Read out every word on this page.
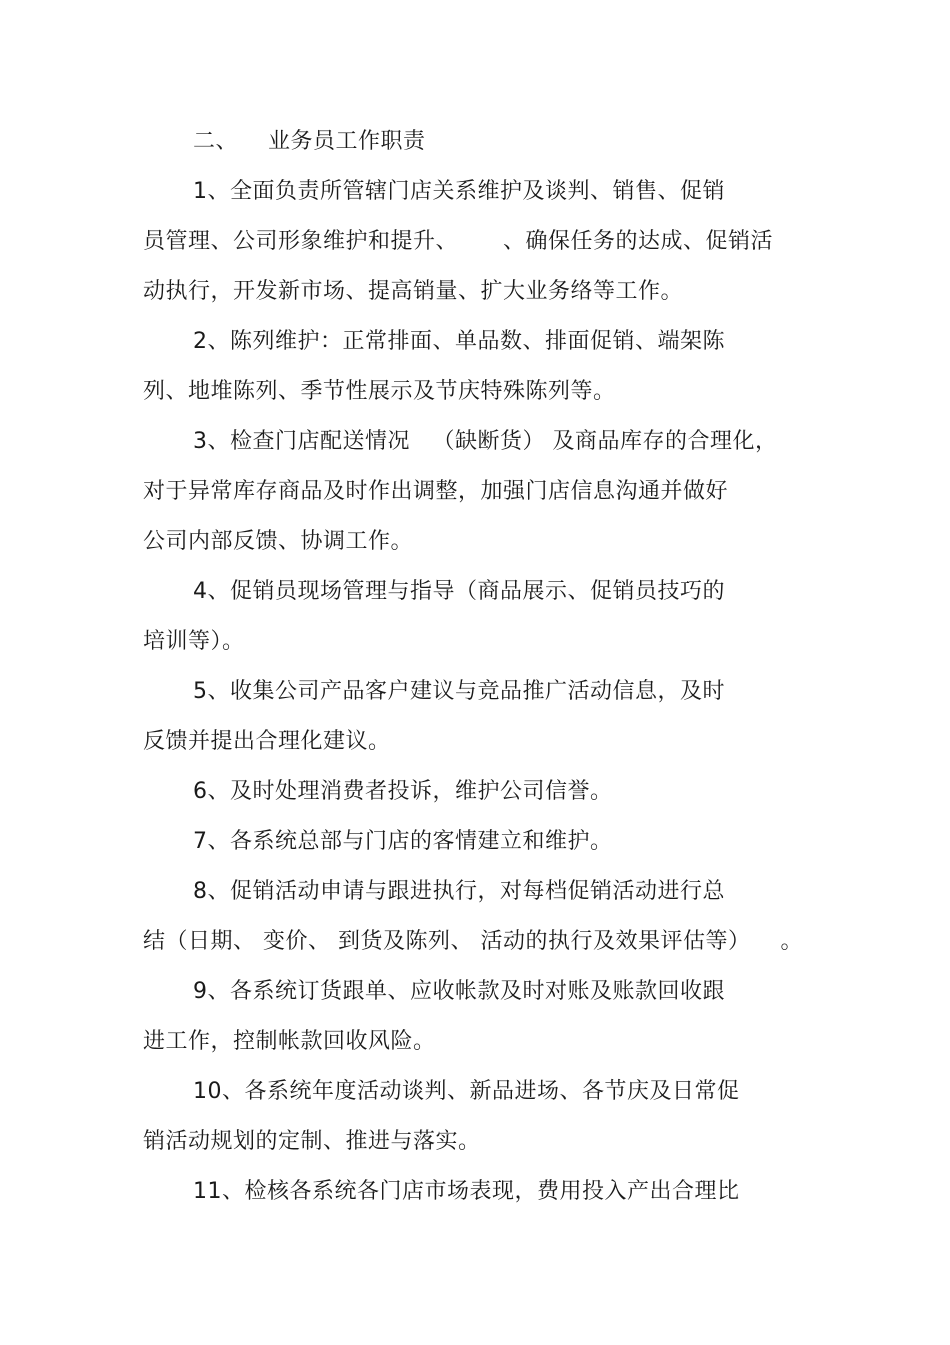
二、    业务员工作职责
1、全面负责所管辖门店关系维护及谈判、销售、促销
员管理、公司形象维护和提升、      、确保任务的达成、促销活
动执行，开发新市场、提高销量、扩大业务络等工作。
2、陈列维护：正常排面、单品数、排面促销、端架陈
列、地堆陈列、季节性展示及节庆特殊陈列等。
3、检查门店配送情况   （缺断货） 及商品库存的合理化，
对于异常库存商品及时作出调整，加强门店信息沟通并做好
公司内部反馈、协调工作。
4、促销员现场管理与指导（商品展示、促销员技巧的
培训等）。
5、收集公司产品客户建议与竞品推广活动信息，及时
反馈并提出合理化建议。
6、及时处理消费者投诉，维护公司信誉。
7、各系统总部与门店的客情建立和维护。
8、促销活动申请与跟进执行，对每档促销活动进行总
结（日期、 变价、 到货及陈列、 活动的执行及效果评估等）    。
9、各系统订货跟单、应收帐款及时对账及账款回收跟
进工作，控制帐款回收风险。
10、各系统年度活动谈判、新品进场、各节庆及日常促
销活动规划的定制、推进与落实。
11、检核各系统各门店市场表现，费用投入产出合理比
